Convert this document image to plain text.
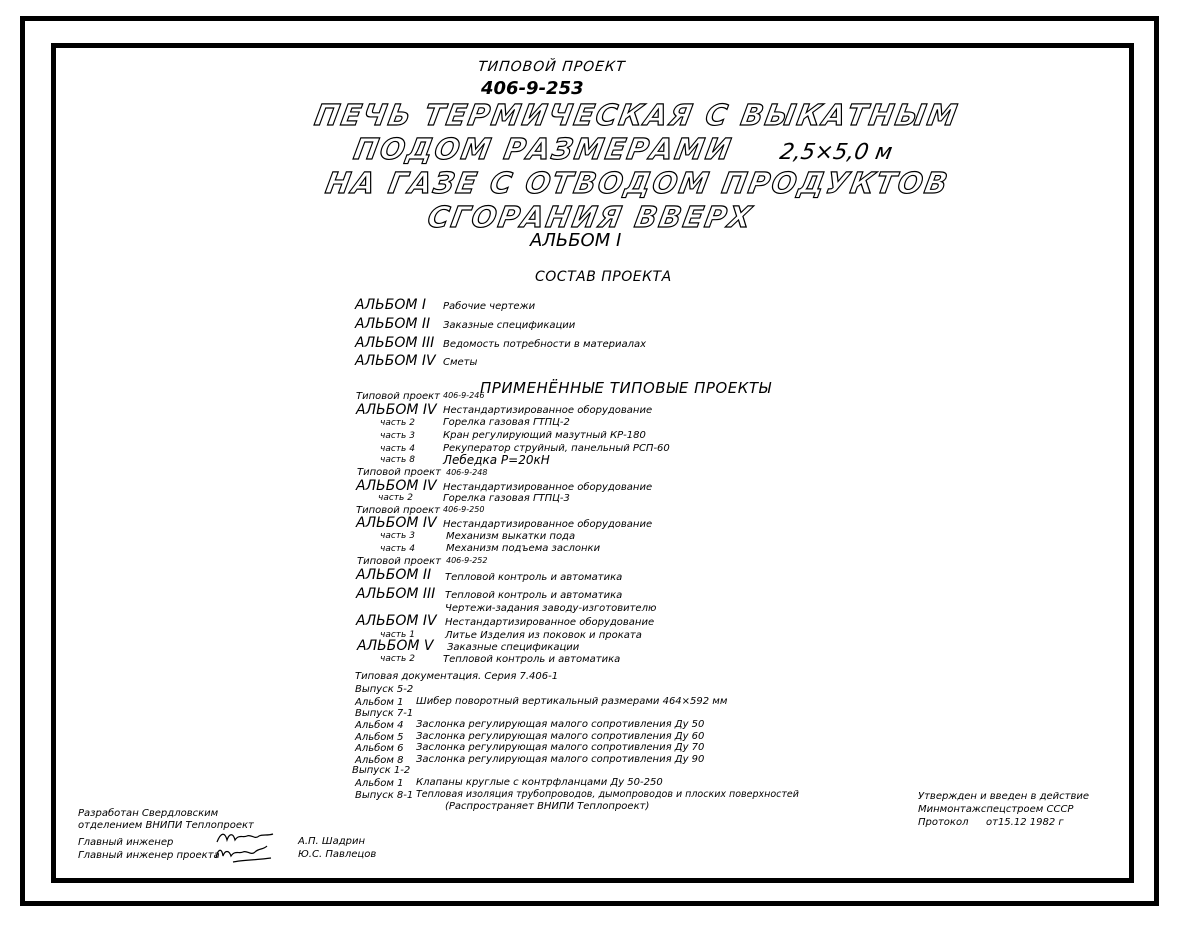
ТИПОВОЙ ПРОЕКТ
406-9-253
ПЕЧЬ ТЕРМИЧЕСКАЯ С ВЫКАТНЫМ
ПОДОМ РАЗМЕРАМИ 2,5×5,0 м
НА ГАЗЕ С ОТВОДОМ ПРОДУКТОВ
СГОРАНИЯ ВВЕРХ
АЛЬБОМ I
СОСТАВ ПРОЕКТА
АЛЬБОМ I Рабочие чертежи
АЛЬБОМ II Заказные спецификации
АЛЬБОМ III Ведомость потребности в материалах
АЛЬБОМ IV Сметы
ПРИМЕНЁННЫЕ ТИПОВЫЕ ПРОЕКТЫ
Типовой проект 406-9-246
АЛЬБОМ IV Нестандартизированное оборудование
часть 2	Горелка газовая ГТПЦ-2
часть 3	Кран регулирующий мазутный КР-180
часть 4	Рекуператор струйный, панельный РСП-60
часть 8 Лебедка Р=20кН
Типовой проект 406-9-248
АЛЬБОМ IV Нестандартизированное оборудование
часть 2	Горелка газовая ГТПЦ-3
Типовой проект 406-9-250
АЛЬБОМ IV Нестандартизированное оборудование
часть 3	Механизм выкатки пода
часть 4	Механизм подъема заслонки
Типовой проект 406-9-252
АЛЬБОМ II Тепловой контроль и автоматика
АЛЬБОМ III Тепловой контроль и автоматика
Чертежи-задания заводу-изготовителю
АЛЬБОМ IV Нестандартизированное оборудование
часть 1	Литье Изделия из поковок и проката
АЛЬБОМ V Заказные спецификации
часть 2	Тепловой контроль и автоматика
Типовая документация. Серия 7.406-1
Выпуск 5-2
Альбом 1 Шибер поворотный вертикальный размерами 464×592 мм
Выпуск 7-1
Альбом 4 Заслонка регулирующая малого сопротивления Ду 50
Альбом 5 Заслонка регулирующая малого сопротивления Ду 60
Альбом 6 Заслонка регулирующая малого сопротивления Ду 70
Альбом 8 Заслонка регулирующая малого сопротивления Ду 90
Выпуск 1-2
Альбом 1 Клапаны круглые с контрфланцами Ду 50-250
Выпуск 8-1 Тепловая изоляция трубопроводов, дымопроводов и плоских поверхностей
(Распространяет ВНИПИ Теплопроект)
Разработан Свердловским
отделением ВНИПИ Теплопроект
Главный инженер
Главный инженер проекта
А.П. Шадрин
Ю.С. Павлецов
Утвержден и введен в действие
Минмонтажспецстроем СССР
Протокол от15.12 1982 г
